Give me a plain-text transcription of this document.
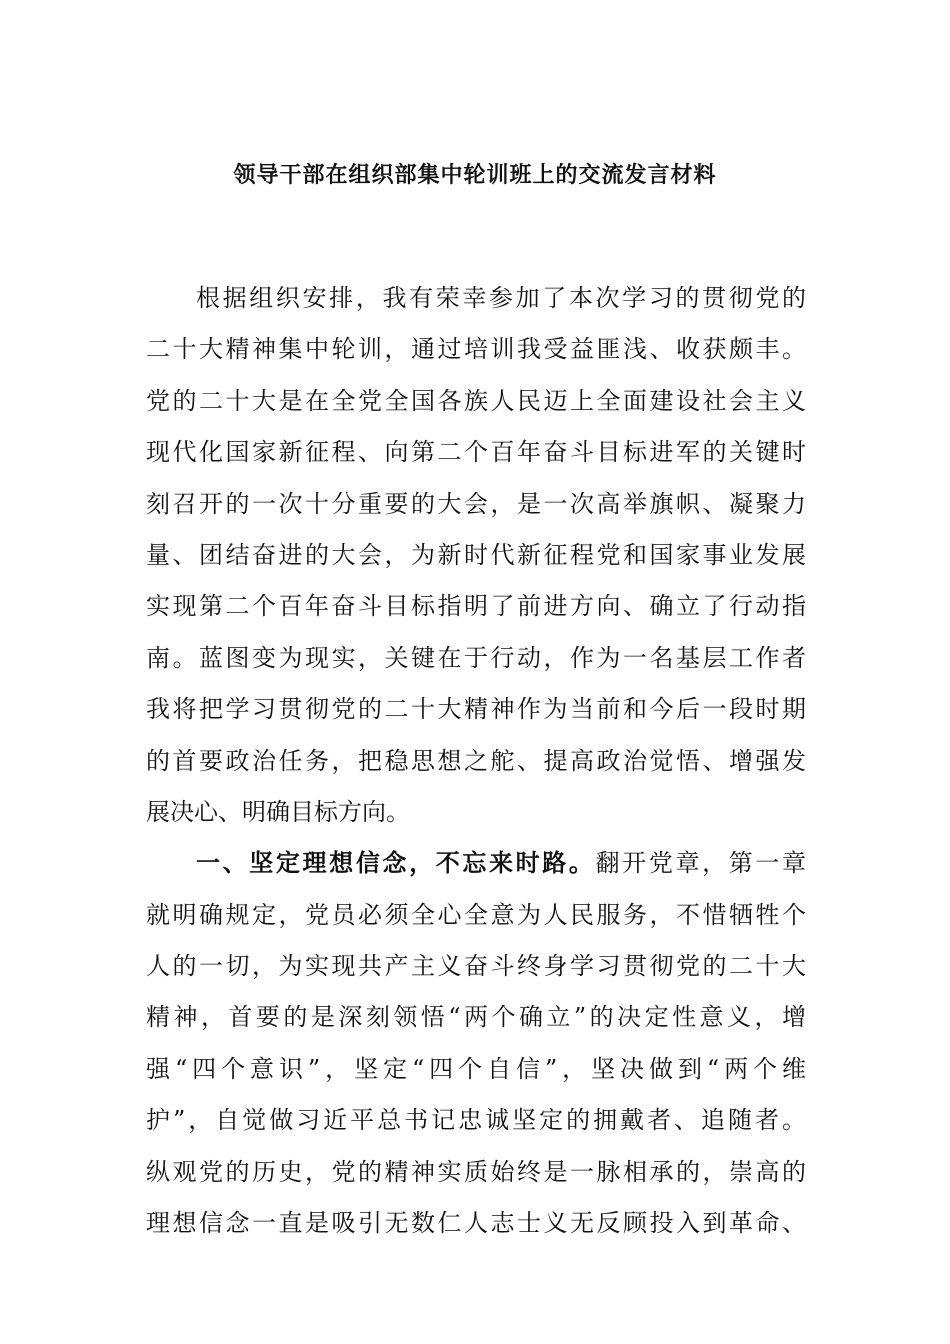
领导干部在组织部集中轮训班上的交流发言材料
根据组织安排，我有荣幸参加了本次学习的贯彻党的
二十大精神集中轮训，通过培训我受益匪浅、收获颇丰。
党的二十大是在全党全国各族人民迈上全面建设社会主义
现代化国家新征程、向第二个百年奋斗目标进军的关键时
刻召开的一次十分重要的大会，是一次高举旗帜、凝聚力
量、团结奋进的大会，为新时代新征程党和国家事业发展
实现第二个百年奋斗目标指明了前进方向、确立了行动指
南。蓝图变为现实，关键在于行动，作为一名基层工作者
我将把学习贯彻党的二十大精神作为当前和今后一段时期
的首要政治任务，把稳思想之舵、提高政治觉悟、增强发
展决心、明确目标方向。
一、坚定理想信念，不忘来时路。翻开党章，第一章
就明确规定，党员必须全心全意为人民服务，不惜牺牲个
人的一切，为实现共产主义奋斗终身学习贯彻党的二十大
精神，首要的是深刻领悟“两个确立”的决定性意义，增
强“四个意识”，坚定“四个自信”，坚决做到“两个维
护”，自觉做习近平总书记忠诚坚定的拥戴者、追随者。
纵观党的历史，党的精神实质始终是一脉相承的，崇高的
理想信念一直是吸引无数仁人志士义无反顾投入到革命、
